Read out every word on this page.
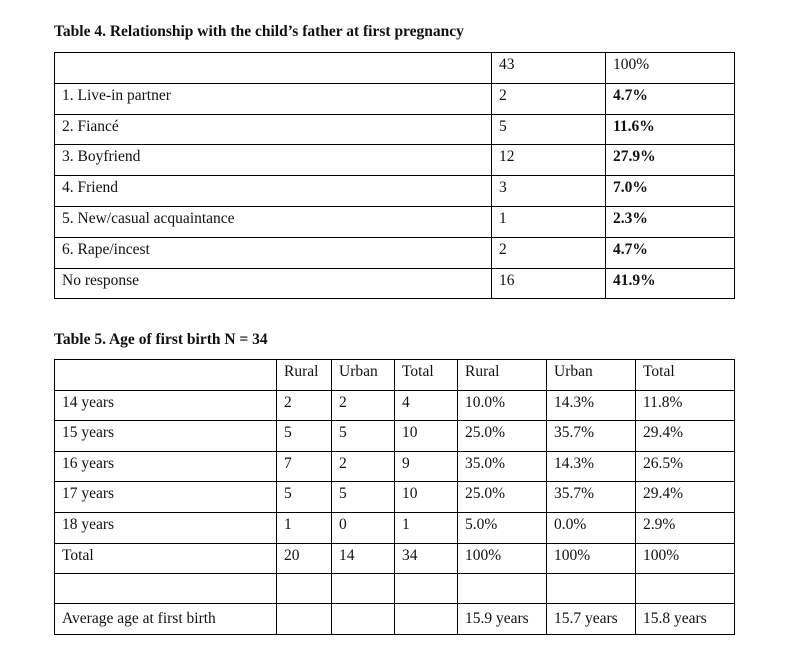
Table 4. Relationship with the child’s father at first pregnancy
	43	100%
1. Live-in partner	2	4.7%
2. Fiancé	5	11.6%
3. Boyfriend	12	27.9%
4. Friend	3	7.0%
5. New/casual acquaintance	1	2.3%
6. Rape/incest	2	4.7%
No response	16	41.9%
Table 5. Age of first birth N = 34
	Rural	Urban	Total	Rural	Urban	Total
14 years	2	2	4	10.0%	14.3%	11.8%
15 years	5	5	10	25.0%	35.7%	29.4%
16 years	7	2	9	35.0%	14.3%	26.5%
17 years	5	5	10	25.0%	35.7%	29.4%
18 years	1	0	1	5.0%	0.0%	2.9%
Total	20	14	34	100%	100%	100%

Average age at first birth				15.9 years	15.7 years	15.8 years
